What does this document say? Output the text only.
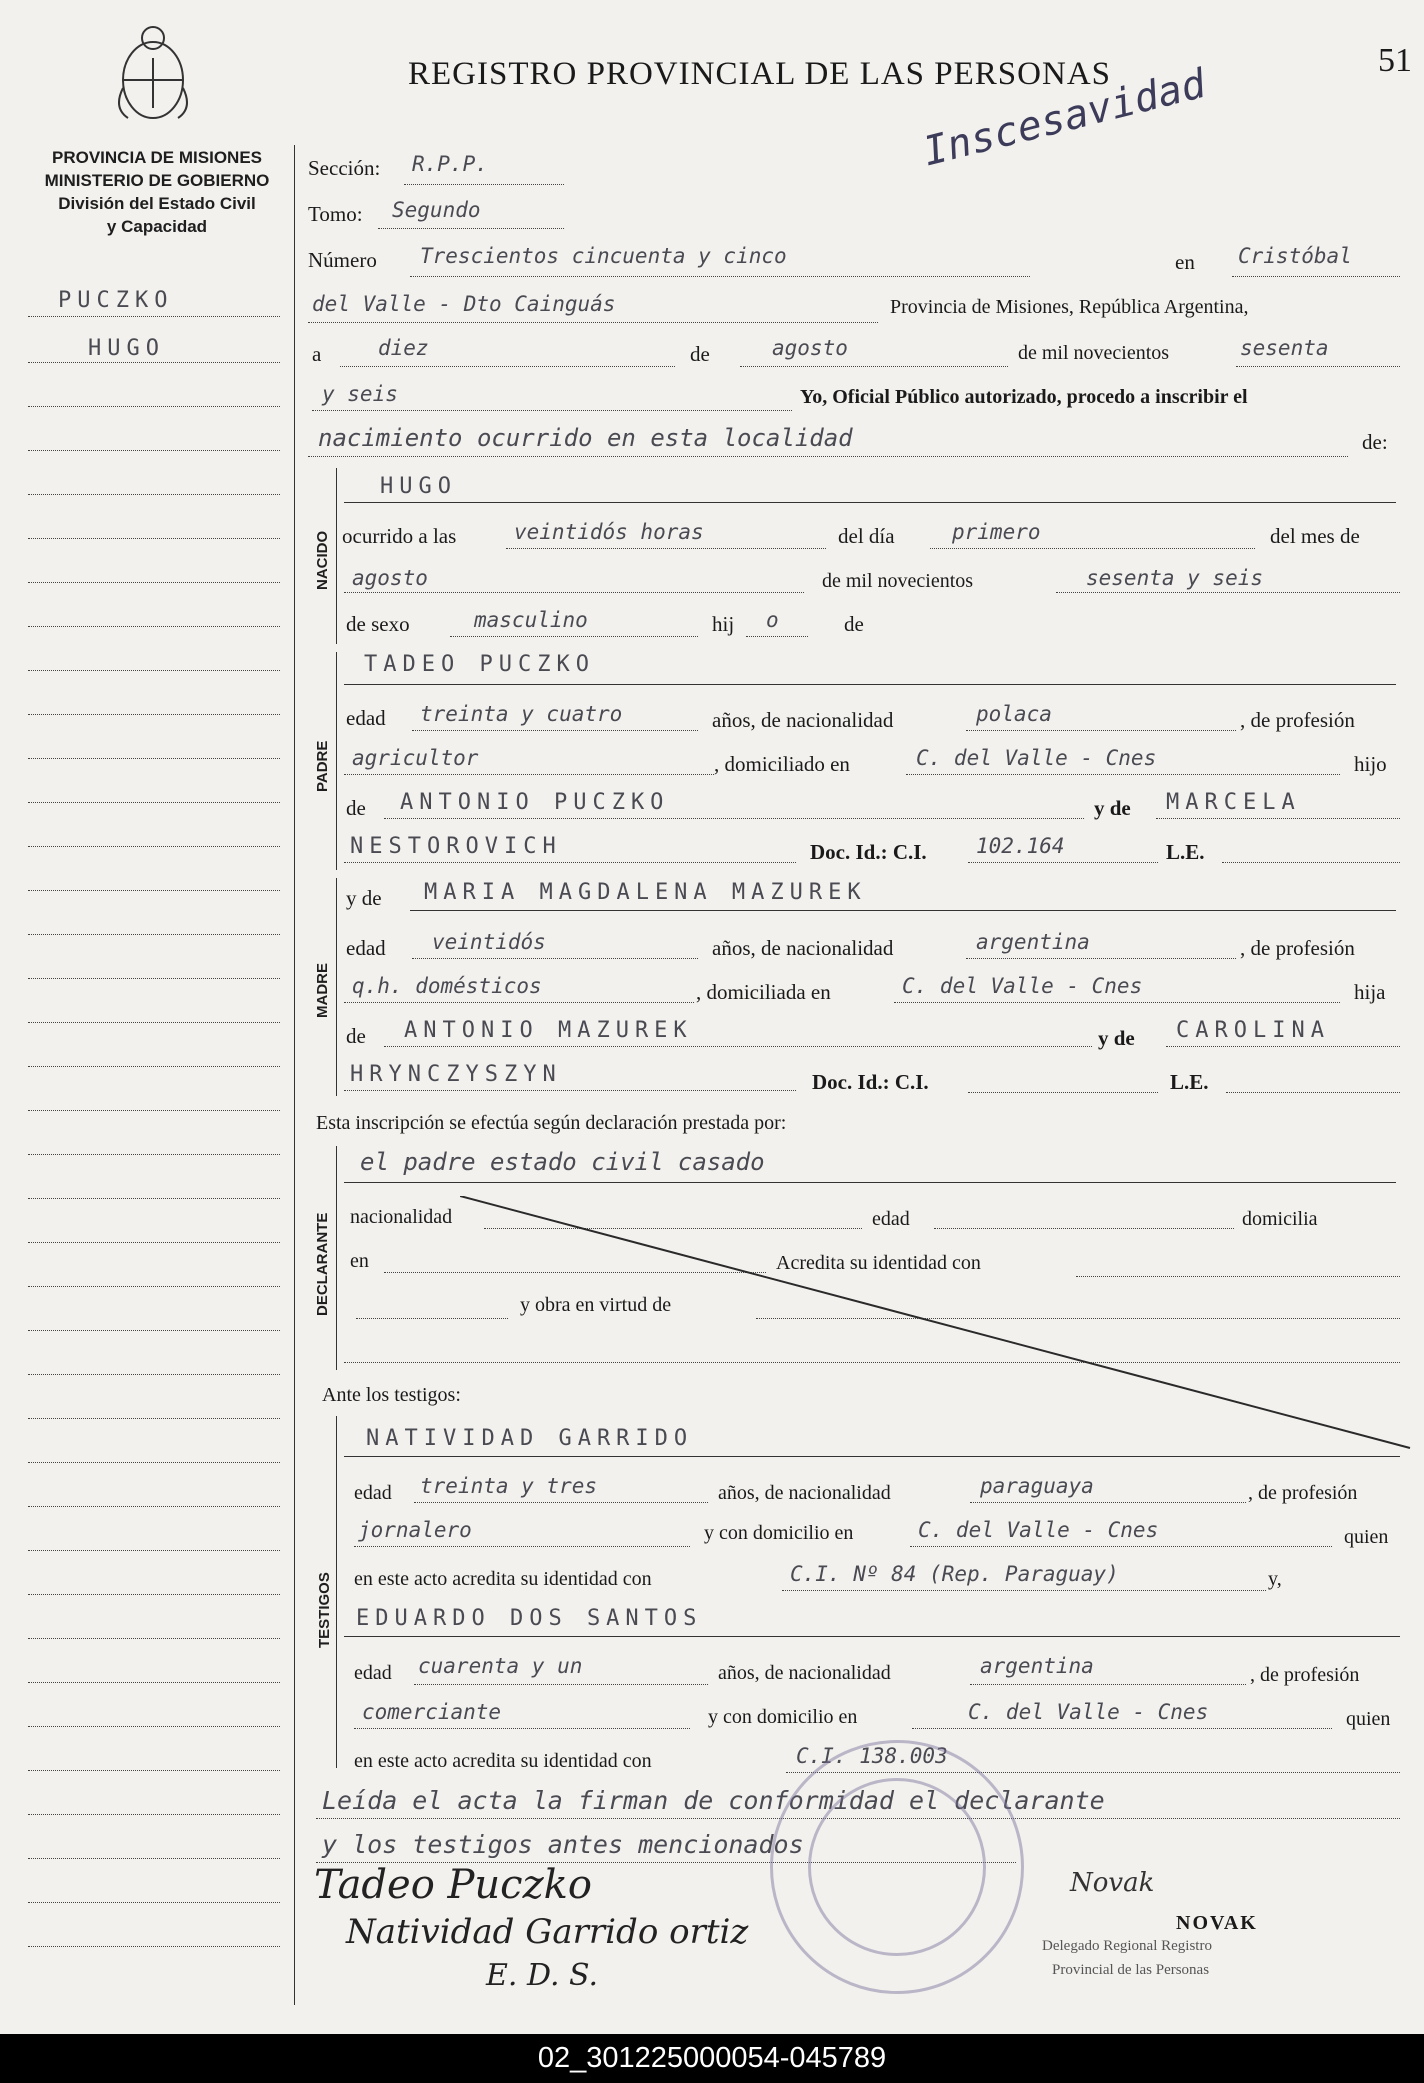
REGISTRO PROVINCIAL DE LAS PERSONAS	51
Inscesavidad
PROVINCIA DE MISIONES
MINISTERIO DE GOBIERNO
División del Estado Civil
y Capacidad
PUCZKO
HUGO
Sección: R.P.P.
Tomo: Segundo
Número Trescientos cincuenta y cinco	en Cristóbal
del Valle - Dto Cainguás	Provincia de Misiones, República Argentina,
a	diez	de	agosto	de mil novecientos	sesenta
y seis	Yo, Oficial Público autorizado, procedo a inscribir el
nacimiento ocurrido en esta localidad	de:
NACIDO
HUGO
ocurrido a las	veintidós horas	del día	primero	del mes de
agosto	de mil novecientos	sesenta y seis
de sexo	masculino	hij o	de
PADRE
TADEO PUCZKO
edad treinta y cuatro	años, de nacionalidad	polaca	, de profesión
agricultor	, domiciliado en	C. del Valle - Cnes	hijo
de ANTONIO PUCZKO	y de MARCELA
NESTOROVICH	Doc. Id.: C.I. 102.164	L.E.
MADRE
y de MARIA MAGDALENA MAZUREK
edad veintidós	años, de nacionalidad	argentina	, de profesión
q.h. domésticos	, domiciliada en	C. del Valle - Cnes	hija
de ANTONIO MAZUREK	y de CAROLINA
HRYNCZYSZYN	Doc. Id.: C.I.	L.E.
Esta inscripción se efectúa según declaración prestada por:
DECLARANTE
el padre estado civil casado
nacionalidad	edad	domicilia
en	Acredita su identidad con
y obra en virtud de
Ante los testigos:
TESTIGOS
NATIVIDAD GARRIDO
edad treinta y tres	años, de nacionalidad	paraguaya	, de profesión
jornalero	y con domicilio en	C. del Valle - Cnes	quien
en este acto acredita su identidad con	C.I. Nº 84 (Rep. Paraguay)	y,
EDUARDO DOS SANTOS
edad cuarenta y un	años, de nacionalidad	argentina	, de profesión
comerciante	y con domicilio en	C. del Valle - Cnes	quien
en este acto acredita su identidad con	C.I. 138.003
Leída el acta la firman de conformidad el declarante
y los testigos antes mencionados
Tadeo Puczko
Natividad Garrido ortiz
E. D. S.
Novak
NOVAK
Delegado Regional Registro
Provincial de las Personas
02_301225000054-045789
